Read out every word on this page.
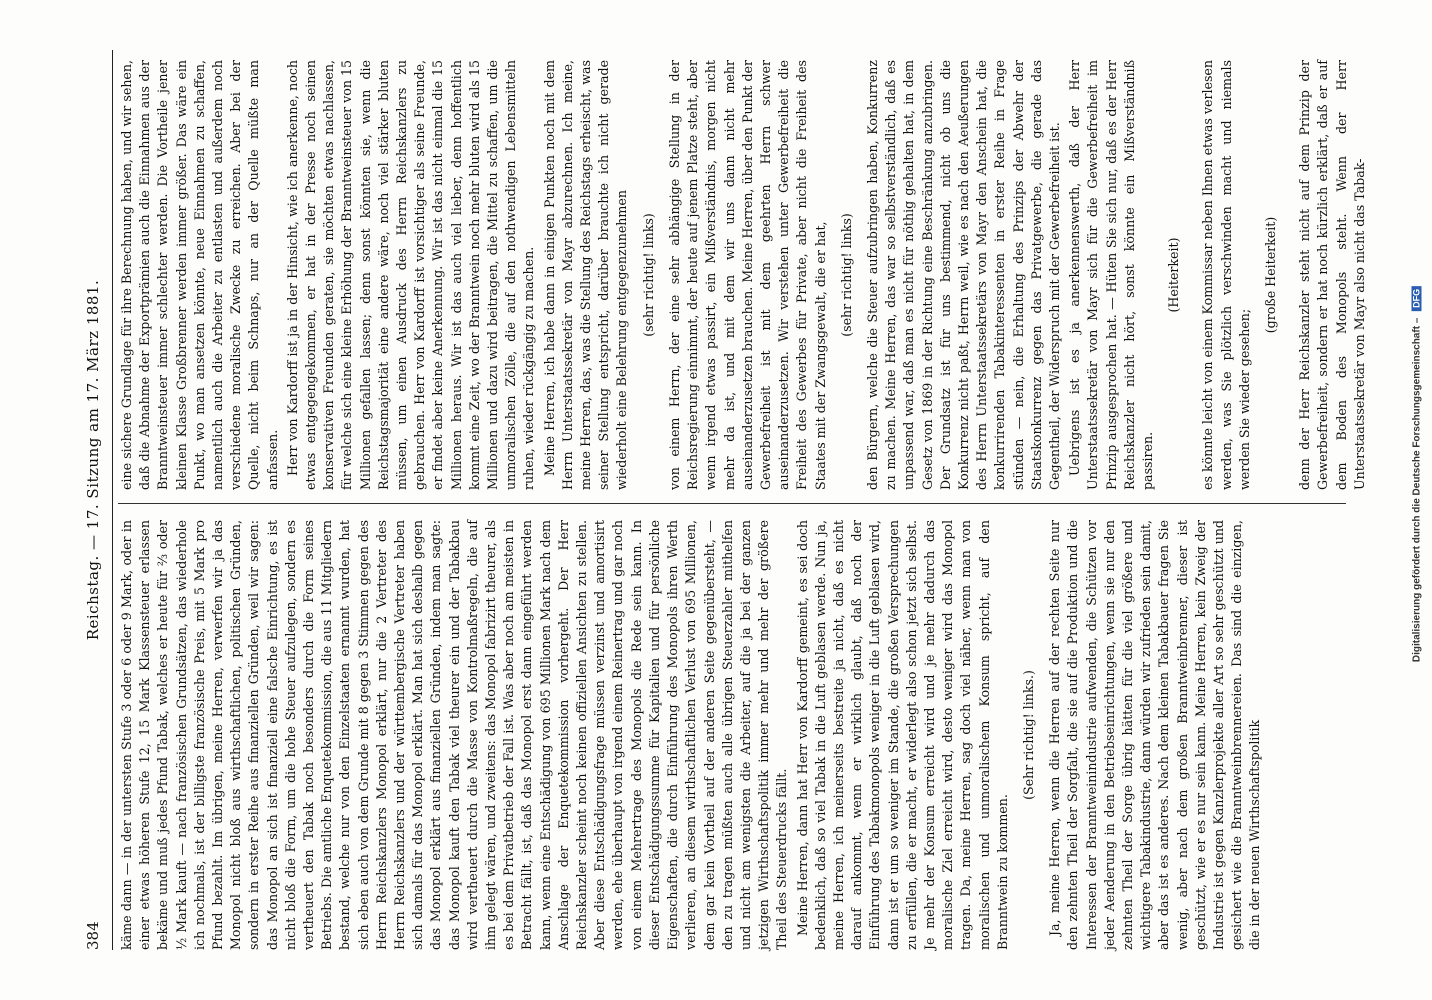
384
Reichstag. — 17. Sitzung am 17. März 1881.

käme dann — in der untersten Stufe 3 oder 6 oder 9 Mark, oder in einer etwas höheren Stufe 12, 15 Mark Klassensteuer erlassen bekäme und muß jedes Pfund Tabak, welches er heute für ⅔ oder ½ Mark kauft — nach französischen Grundsätzen, das wiederhole ich nochmals, ist der billigste französische Preis, mit 5 Mark pro Pfund bezahlt. Im übrigen, meine Herren, verwerfen wir ja das Monopol nicht bloß aus wirthschaftlichen, politischen Gründen, sondern in erster Reihe aus finanziellen Gründen, weil wir sagen: das Monopol an sich ist finanziell eine falsche Einrichtung, es ist nicht bloß die Form, um die hohe Steuer aufzulegen, sondern es vertheuert den Tabak noch besonders durch die Form seines Betriebs. Die amtliche Enquetekommission, die aus 11 Mitgliedern bestand, welche nur von den Einzelstaaten ernannt wurden, hat sich eben auch von dem Grunde mit 8 gegen 3 Stimmen gegen des Herrn Reichskanzlers Monopol erklärt, nur die 2 Vertreter des Herrn Reichskanzlers und der württembergische Vertreter haben sich damals für das Monopol erklärt. Man hat sich deshalb gegen das Monopol erklärt aus finanziellen Gründen, indem man sagte: das Monopol kauft den Tabak viel theurer ein und der Tabakbau wird vertheuert durch die Masse von Kontrolmaßregeln, die auf ihm gelegt wären, und zweitens: das Monopol fabrizirt theurer, als es bei dem Privatbetrieb der Fall ist. Was aber noch am meisten in Betracht fällt, ist, daß das Monopol erst dann eingeführt werden kann, wenn eine Entschädigung von 695 Millionen Mark nach dem Anschlage der Enquetekommission vorhergeht. Der Herr Reichskanzler scheint noch keinen offiziellen Ansichten zu stellen. Aber diese Entschädigungsfrage müssen verzinst und amortisirt werden, ehe überhaupt von irgend einem Reinertrag und gar noch von einem Mehrertrage des Monopols die Rede sein kann. In dieser Entschädigungssumme für Kapitalien und für persönliche Eigenschaften, die durch Einführung des Monopols ihren Werth verlieren, an diesem wirthschaftlichen Verlust von 695 Millionen, dem gar kein Vortheil auf der anderen Seite gegenübersteht, — den zu tragen müßten auch alle übrigen Steuerzahler mithelfen und nicht am wenigsten die Arbeiter, auf die ja bei der ganzen jetzigen Wirthschaftspolitik immer mehr und mehr der größere Theil des Steuerdrucks fällt. Meine Herren, dann hat Herr von Kardorff gemeint, es sei doch bedenklich, daß so viel Tabak in die Luft geblasen werde. Nun ja, meine Herren, ich meinerseits bestreite ja nicht, daß es nicht darauf ankommt, wenn er wirklich glaubt, daß noch der Einführung des Tabakmonopols weniger in die Luft geblasen wird, dann ist er um so weniger im Stande, die großen Versprechungen zu erfüllen, die er macht, er widerlegt also schon jetzt sich selbst. Je mehr der Konsum erreicht wird und je mehr dadurch das moralische Ziel erreicht wird, desto weniger wird das Monopol tragen. Da, meine Herren, sag doch viel näher, wenn man von moralischen und unmoralischem Konsum spricht, auf den Branntwein zu kommen.

(Sehr richtig! links.) Ja, meine Herren, wenn die Herren auf der rechten Seite nur den zehnten Theil der Sorgfalt, die sie auf die Produktion und die Interessen der Branntweinindustrie aufwenden, die Schützen vor jeder Aenderung in den Betriebseinrichtungen, wenn sie nur den zehnten Theil der Sorge übrig hätten für die viel größere und wichtigere Tabakindustrie, dann würden wir zufrieden sein damit, aber das ist es anderes. Nach dem kleinen Tabakbauer fragen Sie wenig, aber nach dem großen Branntweinbrenner, dieser ist geschützt, wie er es nur sein kann. Meine Herren, kein Zweig der Industrie ist gegen Kanzlerprojekte aller Art so sehr geschützt und gesichert wie die Branntweinbrennereien. Das sind die einzigen, die in der neuen Wirthschaftspolitik

eine sichere Grundlage für ihre Berechnung haben, und wir sehen, daß die Abnahme der Exportprämien auch die Einnahmen aus der Branntweinsteuer immer schlechter werden. Die Vortheile jener kleinen Klasse Großbrenner werden immer größer. Das wäre ein Punkt, wo man ansetzen könnte, neue Einnahmen zu schaffen, namentlich auch die Arbeiter zu entlasten und außerdem noch verschiedene moralische Zwecke zu erreichen. Aber bei der Quelle, nicht beim Schnaps, nur an der Quelle müßte man anfassen. Herr von Kardorff ist ja in der Hinsicht, wie ich anerkenne, noch etwas entgegengekommen, er hat in der Presse noch seinen konservativen Freunden geraten, sie möchten etwas nachlassen, für welche sich eine kleine Erhöhung der Branntweinsteuer von 15 Millionen gefallen lassen; denn sonst könnten sie, wenn die Reichstagsmajorität eine andere wäre, noch viel stärker bluten müssen, um einen Ausdruck des Herrn Reichskanzlers zu gebrauchen. Herr von Kardorff ist vorsichtiger als seine Freunde, er findet aber keine Anerkennung. Wir ist das nicht einmal die 15 Millionen heraus. Wir ist das auch viel lieber, denn hoffentlich kommt eine Zeit, wo der Branntwein noch mehr bluten wird als 15 Millionen und dazu wird beitragen, die Mittel zu schaffen, um die unmoralischen Zölle, die auf den nothwendigen Lebensmitteln ruhen, wieder rückgängig zu machen. Meine Herren, ich habe dann in einigen Punkten noch mit dem Herrn Unterstaatssekretär von Mayr abzurechnen. Ich meine, meine Herren, das, was die Stellung des Reichstags erheischt, was seiner Stellung entspricht, darüber brauchte ich nicht gerade wiederholt eine Belehrung entgegenzunehmen (sehr richtig! links) von einem Herrn, der eine sehr abhängige Stellung in der Reichsregierung einnimmt, der heute auf jenem Platze steht, aber wenn irgend etwas passirt, ein Mißverständnis, morgen nicht mehr da ist, und mit dem wir uns dann nicht mehr auseinanderzusetzen brauchen. Meine Herren, über den Punkt der Gewerbefreiheit ist mit dem geehrten Herrn schwer auseinanderzusetzen. Wir verstehen unter Gewerbefreiheit die Freiheit des Gewerbes für Private, aber nicht die Freiheit des Staates mit der Zwangsgewalt, die er hat, (sehr richtig! links) den Bürgern, welche die Steuer aufzubringen haben, Konkurrenz zu machen. Meine Herren, das war so selbstverständlich, daß es unpassend war, daß man es nicht für nöthig gehalten hat, in dem Gesetz von 1869 in der Richtung eine Beschränkung anzubringen. Der Grundsatz ist für uns bestimmend, nicht ob uns die Konkurrenz nicht paßt, Herrn weil, wie es nach den Aeußerungen des Herrn Unterstaatssekretärs von Mayr den Anschein hat, die konkurrirenden Tabakinteressenten in erster Reihe in Frage stünden — nein, die Erhaltung des Prinzips der Abwehr der Staatskonkurrenz gegen das Privatgewerbe, die gerade das Gegentheil, der Widerspruch mit der Gewerbefreiheit ist. Uebrigens ist es ja anerkennenswerth, daß der Herr Unterstaatssekretär von Mayr sich für die Gewerbefreiheit im Prinzip ausgesprochen hat. — Hüten Sie sich nur, daß es der Herr Reichskanzler nicht hört, sonst könnte ein Mißverständniß passiren.

(Heiterkeit) es könnte leicht von einem Kommissar neben Ihnen etwas verlesen werden, was Sie plötzlich verschwinden macht und niemals werden Sie wieder gesehen;

(große Heiterkeit) denn der Herr Reichskanzler steht nicht auf dem Prinzip der Gewerbefreiheit, sondern er hat noch kürzlich erklärt, daß er auf dem Boden des Monopols steht. Wenn der Herr Unterstaatssekretär von Mayr also nicht das Tabak-	Digitalisierung gefördert durch die Deutsche Forschungsgemeinschaft – DFG
